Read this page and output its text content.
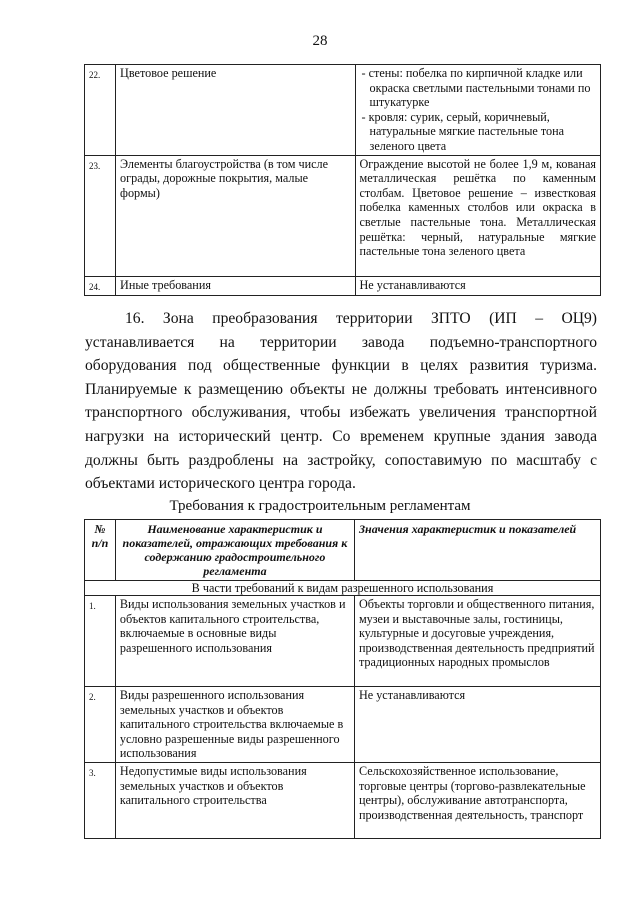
28
22.	Цветовое решение	- стены: побелка по кирпичной кладке или окраска светлыми пастельными тонами по штукатурке
- кровля: сурик, серый, коричневый, натуральные мягкие пастельные тона зеленого цвета

23.	Элементы благоустройства (в том числе ограды, дорожные покрытия, малые формы)	Ограждение высотой не более 1,9 м, кованая металлическая решётка по каменным столбам. Цветовое решение – известковая побелка каменных столбов или окраска в светлые пастельные тона. Металлическая решётка: черный, натуральные мягкие пастельные тона зеленого цвета
24.	Иные требования	Не устанавливаются
16. Зона преобразования территории ЗПТО (ИП – ОЦ9)
устанавливается на территории завода подъемно-транспортного оборудования под общественные функции в целях развития туризма. Планируемые к размещению объекты не должны требовать интенсивного транспортного обслуживания, чтобы избежать увеличения транспортной нагрузки на исторический центр. Со временем крупные здания завода должны быть раздроблены на застройку, сопоставимую по масштабу с объектами исторического центра города.
Требования к градостроительным регламентам
№ п/п	Наименование характеристик и показателей, отражающих требования к содержанию градостроительного регламента	Значения характеристик и показателей
В части требований к видам разрешенного использования		
1.	Виды использования земельных участков и объектов капитального строительства, включаемые в основные виды разрешенного использования	Объекты торговли и общественного питания, музеи и выставочные залы, гостиницы, культурные и досуговые учреждения, производственная деятельность предприятий традиционных народных промыслов
2.	Виды разрешенного использования земельных участков и объектов капитального строительства включаемые в условно разрешенные виды разрешенного использования	Не устанавливаются
3.	Недопустимые виды использования земельных участков и объектов капитального строительства	Сельскохозяйственное использование, торговые центры (торгово-развлекательные центры), обслуживание автотранспорта, производственная деятельность, транспорт
